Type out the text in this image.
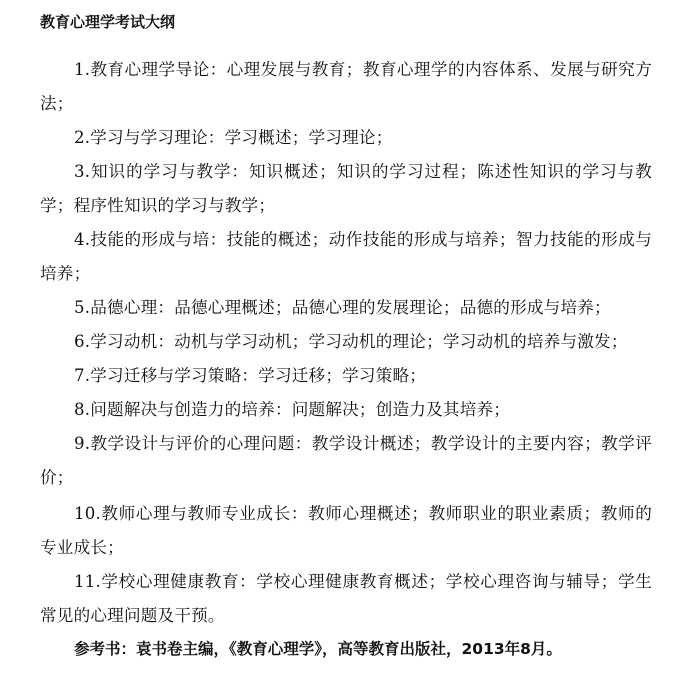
教育心理学考试大纲

1.教育心理学导论：心理发展与教育；教育心理学的内容体系、发展与研究方法；

2.学习与学习理论：学习概述；学习理论；

3.知识的学习与教学：知识概述；知识的学习过程；陈述性知识的学习与教学；程序性知识的学习与教学；

4.技能的形成与培：技能的概述；动作技能的形成与培养；智力技能的形成与培养；

5.品德心理：品德心理概述；品德心理的发展理论；品德的形成与培养；

6.学习动机：动机与学习动机；学习动机的理论；学习动机的培养与激发；

7.学习迁移与学习策略：学习迁移；学习策略；

8.问题解决与创造力的培养：问题解决；创造力及其培养；

9.教学设计与评价的心理问题：教学设计概述；教学设计的主要内容；教学评价；

10.教师心理与教师专业成长：教师心理概述；教师职业的职业素质；教师的专业成长；

11.学校心理健康教育：学校心理健康教育概述；学校心理咨询与辅导；学生常见的心理问题及干预。

参考书：袁书卷主编，《教育心理学》，高等教育出版社，2013年8月。
